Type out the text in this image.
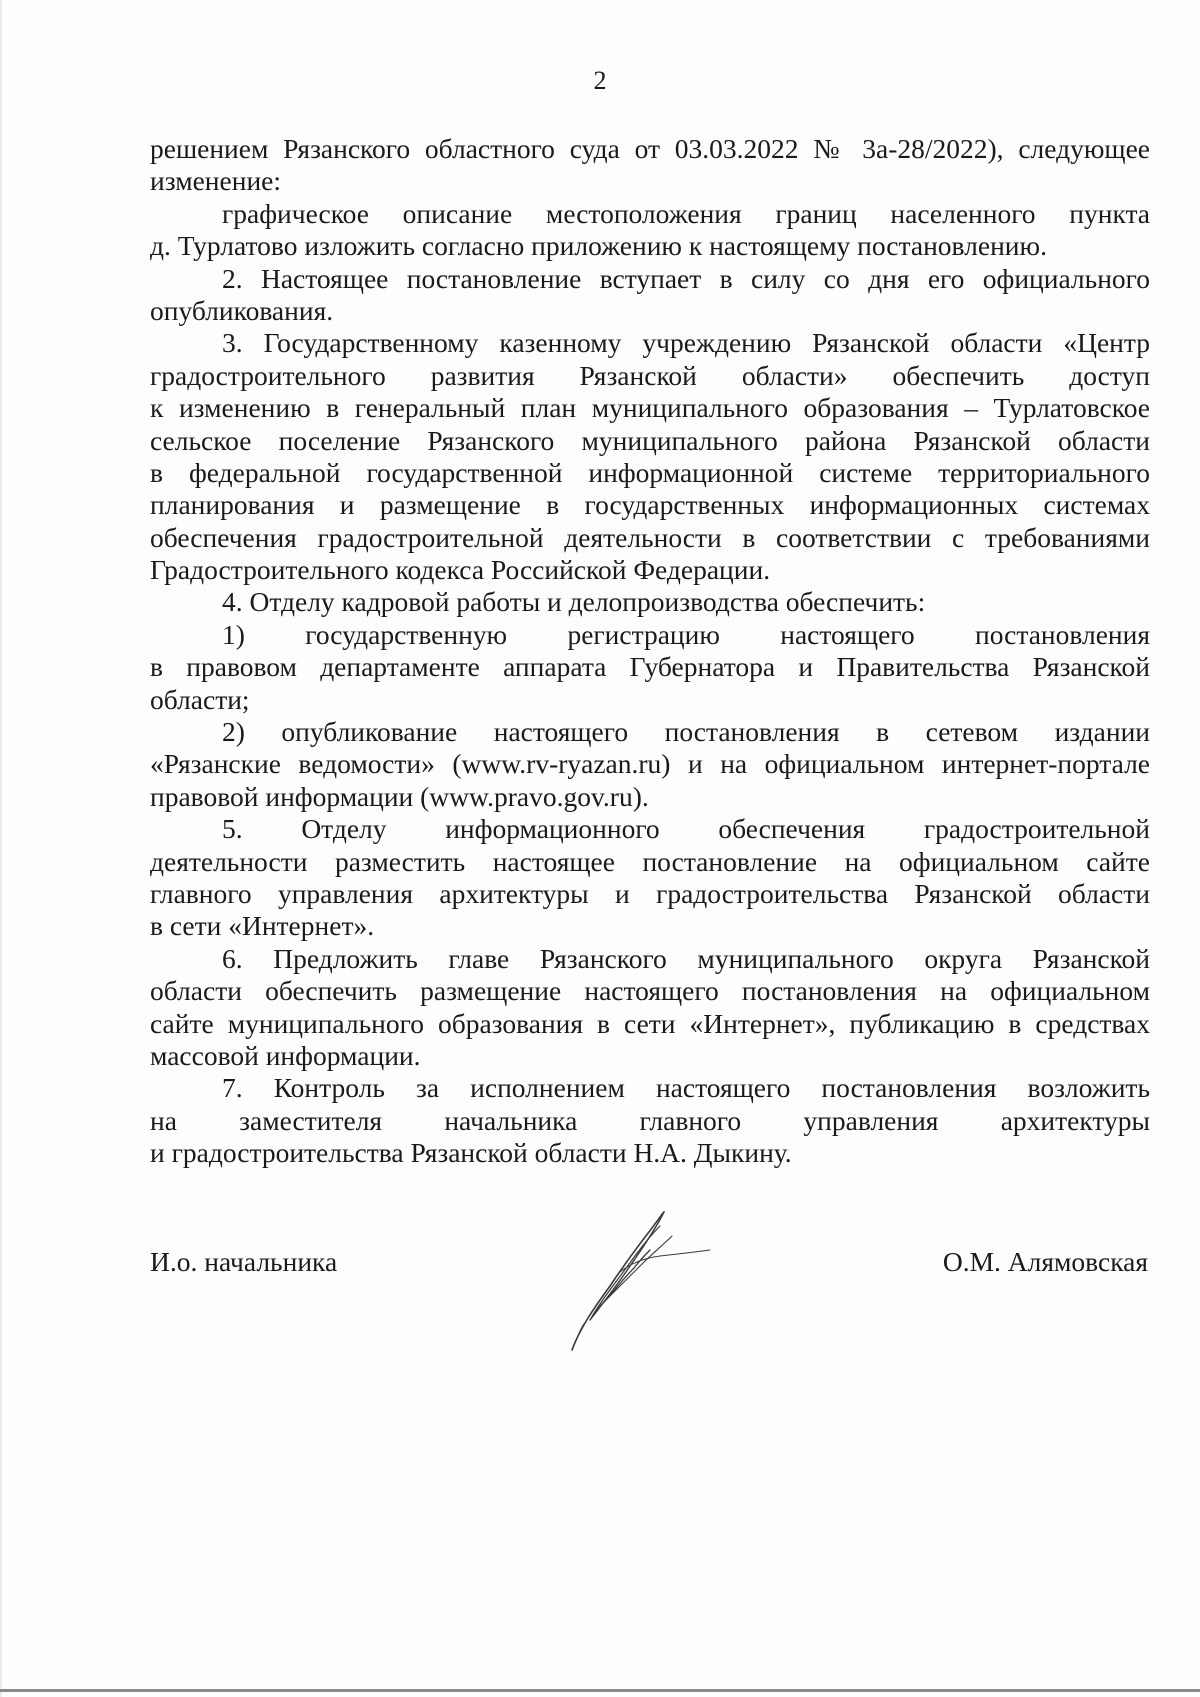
2
решением Рязанского областного суда от 03.03.2022 № 3а-28/2022), следующее
изменение:
графическое описание местоположения границ населенного пункта
д. Турлатово изложить согласно приложению к настоящему постановлению.
2. Настоящее постановление вступает в силу со дня его официального
опубликования.
3. Государственному казенному учреждению Рязанской области «Центр
градостроительного развития Рязанской области» обеспечить доступ
к изменению в генеральный план муниципального образования – Турлатовское
сельское поселение Рязанского муниципального района Рязанской области
в федеральной государственной информационной системе территориального
планирования и размещение в государственных информационных системах
обеспечения градостроительной деятельности в соответствии с требованиями
Градостроительного кодекса Российской Федерации.
4. Отделу кадровой работы и делопроизводства обеспечить:
1) государственную регистрацию настоящего постановления
в правовом департаменте аппарата Губернатора и Правительства Рязанской
области;
2) опубликование настоящего постановления в сетевом издании
«Рязанские ведомости» (www.rv-ryazan.ru) и на официальном интернет-портале
правовой информации (www.pravo.gov.ru).
5. Отделу информационного обеспечения градостроительной
деятельности разместить настоящее постановление на официальном сайте
главного управления архитектуры и градостроительства Рязанской области
в сети «Интернет».
6. Предложить главе Рязанского муниципального округа Рязанской
области обеспечить размещение настоящего постановления на официальном
сайте муниципального образования в сети «Интернет», публикацию в средствах
массовой информации.
7. Контроль за исполнением настоящего постановления возложить
на заместителя начальника главного управления архитектуры
и градостроительства Рязанской области Н.А. Дыкину.
И.о. начальника	О.М. Алямовская
